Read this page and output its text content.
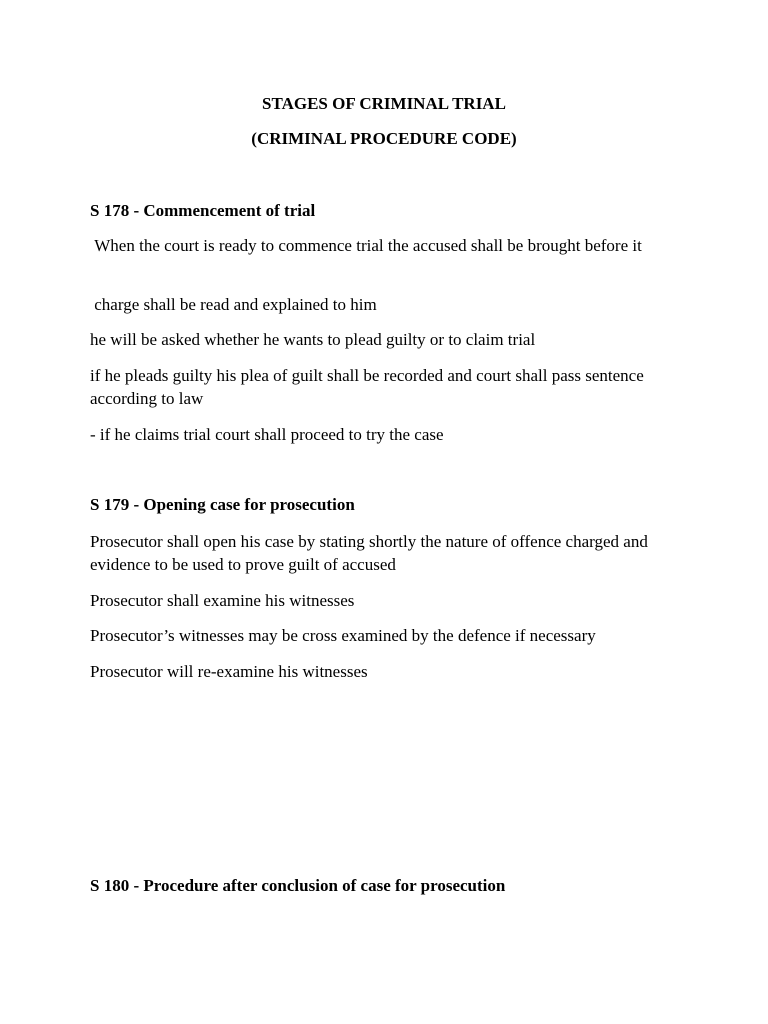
STAGES OF CRIMINAL TRIAL

(CRIMINAL PROCEDURE CODE)

S 178 - Commencement of trial

When the court is ready to commence trial the accused shall be brought before it

charge shall be read and explained to him

he will be asked whether he wants to plead guilty or to claim trial

if he pleads guilty his plea of guilt shall be recorded and court shall pass sentence according to law

- if he claims trial court shall proceed to try the case

S 179 - Opening case for prosecution

Prosecutor shall open his case by stating shortly the nature of offence charged and evidence to be used to prove guilt of accused

Prosecutor shall examine his witnesses

Prosecutor’s witnesses may be cross examined by the defence if necessary

Prosecutor will re-examine his witnesses

S 180 - Procedure after conclusion of case for prosecution
